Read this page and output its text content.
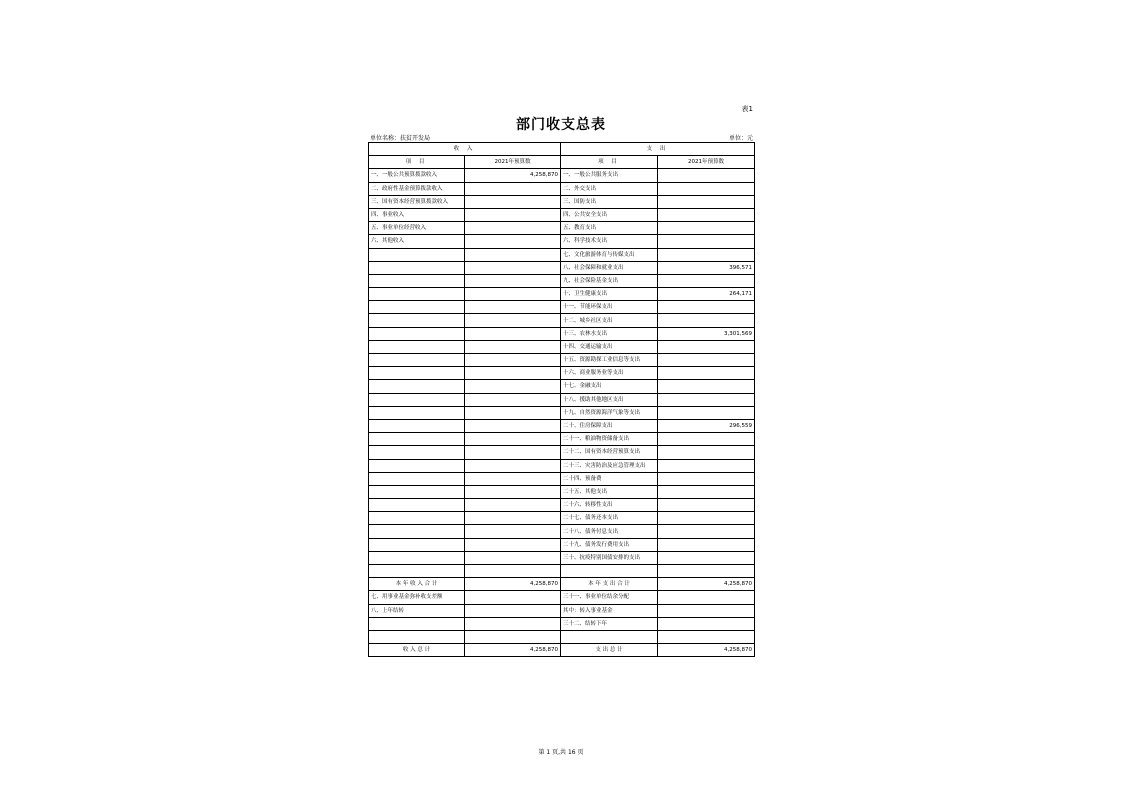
表1
部门收支总表
单位名称：扶贫开发局	单位：元
收 入		支 出	
项 目	2021年预算数	项 目	2021年预算数
一、一般公共预算拨款收入	4,258,870	一、一般公共服务支出	
二、政府性基金预算拨款收入		二、外交支出	
三、国有资本经营预算拨款收入		三、国防支出	
四、事业收入		四、公共安全支出	
五、事业单位经营收入		五、教育支出	
六、其他收入		六、科学技术支出	
		七、文化旅游体育与传媒支出	
		八、社会保障和就业支出	396,571
		九、社会保险基金支出	
		十、卫生健康支出	264,171
		十一、节能环保支出	
		十二、城乡社区支出	
		十三、农林水支出	3,301,569
		十四、交通运输支出	
		十五、资源勘探工业信息等支出	
		十六、商业服务业等支出	
		十七、金融支出	
		十八、援助其他地区支出	
		十九、自然资源海洋气象等支出	
		二十、住房保障支出	296,559
		二十一、粮油物资储备支出	
		二十二、国有资本经营预算支出	
		二十三、灾害防治及应急管理支出	
		二十四、预备费	
		二十五、其他支出	
		二十六、转移性支出	
		二十七、债务还本支出	
		二十八、债务付息支出	
		二十九、债务发行费用支出	
		三十、抗疫特别国债安排的支出	

本 年 收 入 合 计	4,258,870	本 年 支 出 合 计	4,258,870
七、用事业基金弥补收支差额		三十一、事业单位结余分配	
八、上年结转		其中：转入事业基金	
		三十二、结转下年	

收 入 总 计	4,258,870	支 出 总 计	4,258,870
第 1 页,共 16 页
